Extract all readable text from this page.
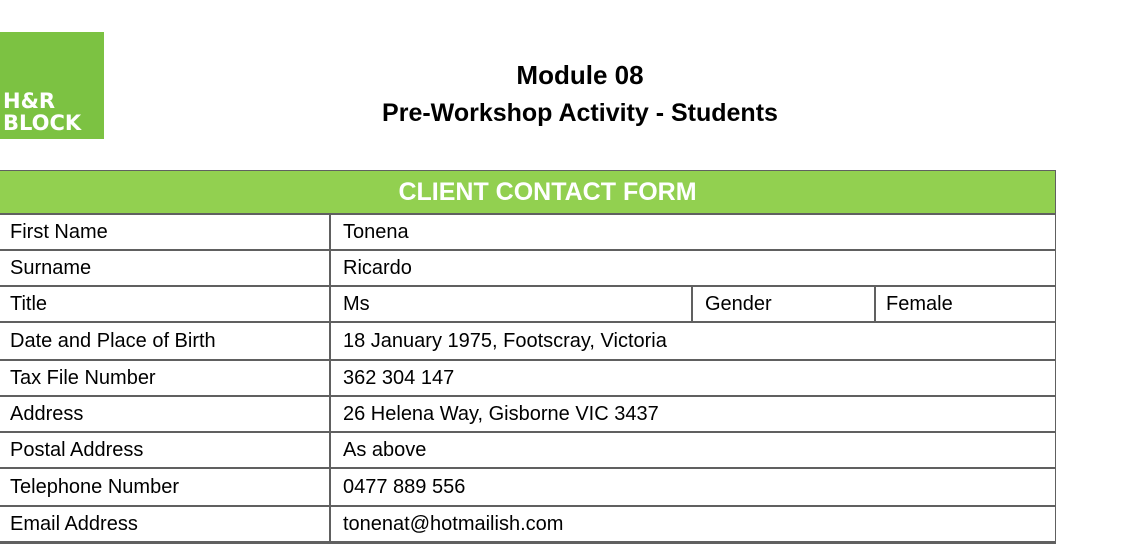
H&R
BLOCK
Module 08
Pre-Workshop Activity - Students
CLIENT CONTACT FORM
First Name	Tonena
Surname	Ricardo
Title	Ms	Gender	Female
Date and Place of Birth	18 January 1975, Footscray, Victoria
Tax File Number	362 304 147
Address	26 Helena Way, Gisborne VIC 3437
Postal Address	As above
Telephone Number	0477 889 556
Email Address	tonenat@hotmailish.com
